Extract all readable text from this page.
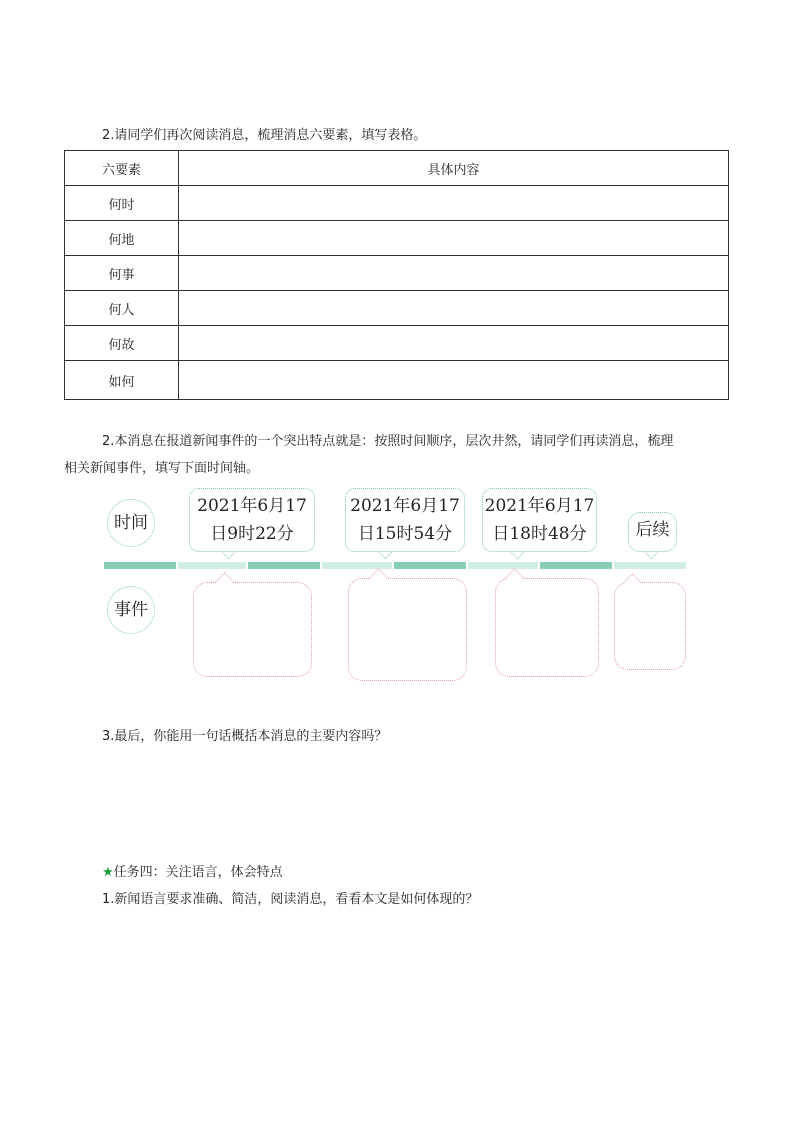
2.请同学们再次阅读消息，梳理消息六要素，填写表格。
六要素	具体内容
何时	
何地	
何事	
何人	
何故	
如何	
2.本消息在报道新闻事件的一个突出特点就是：按照时间顺序，层次井然，请同学们再读消息，梳理
相关新闻事件，填写下面时间轴。
时间
事件
2021年6月17
日9时22分
2021年6月17
日15时54分
2021年6月17
日18时48分	后续
3.最后，你能用一句话概括本消息的主要内容吗？
★任务四：关注语言，体会特点
1.新闻语言要求准确、简洁，阅读消息，看看本文是如何体现的？
